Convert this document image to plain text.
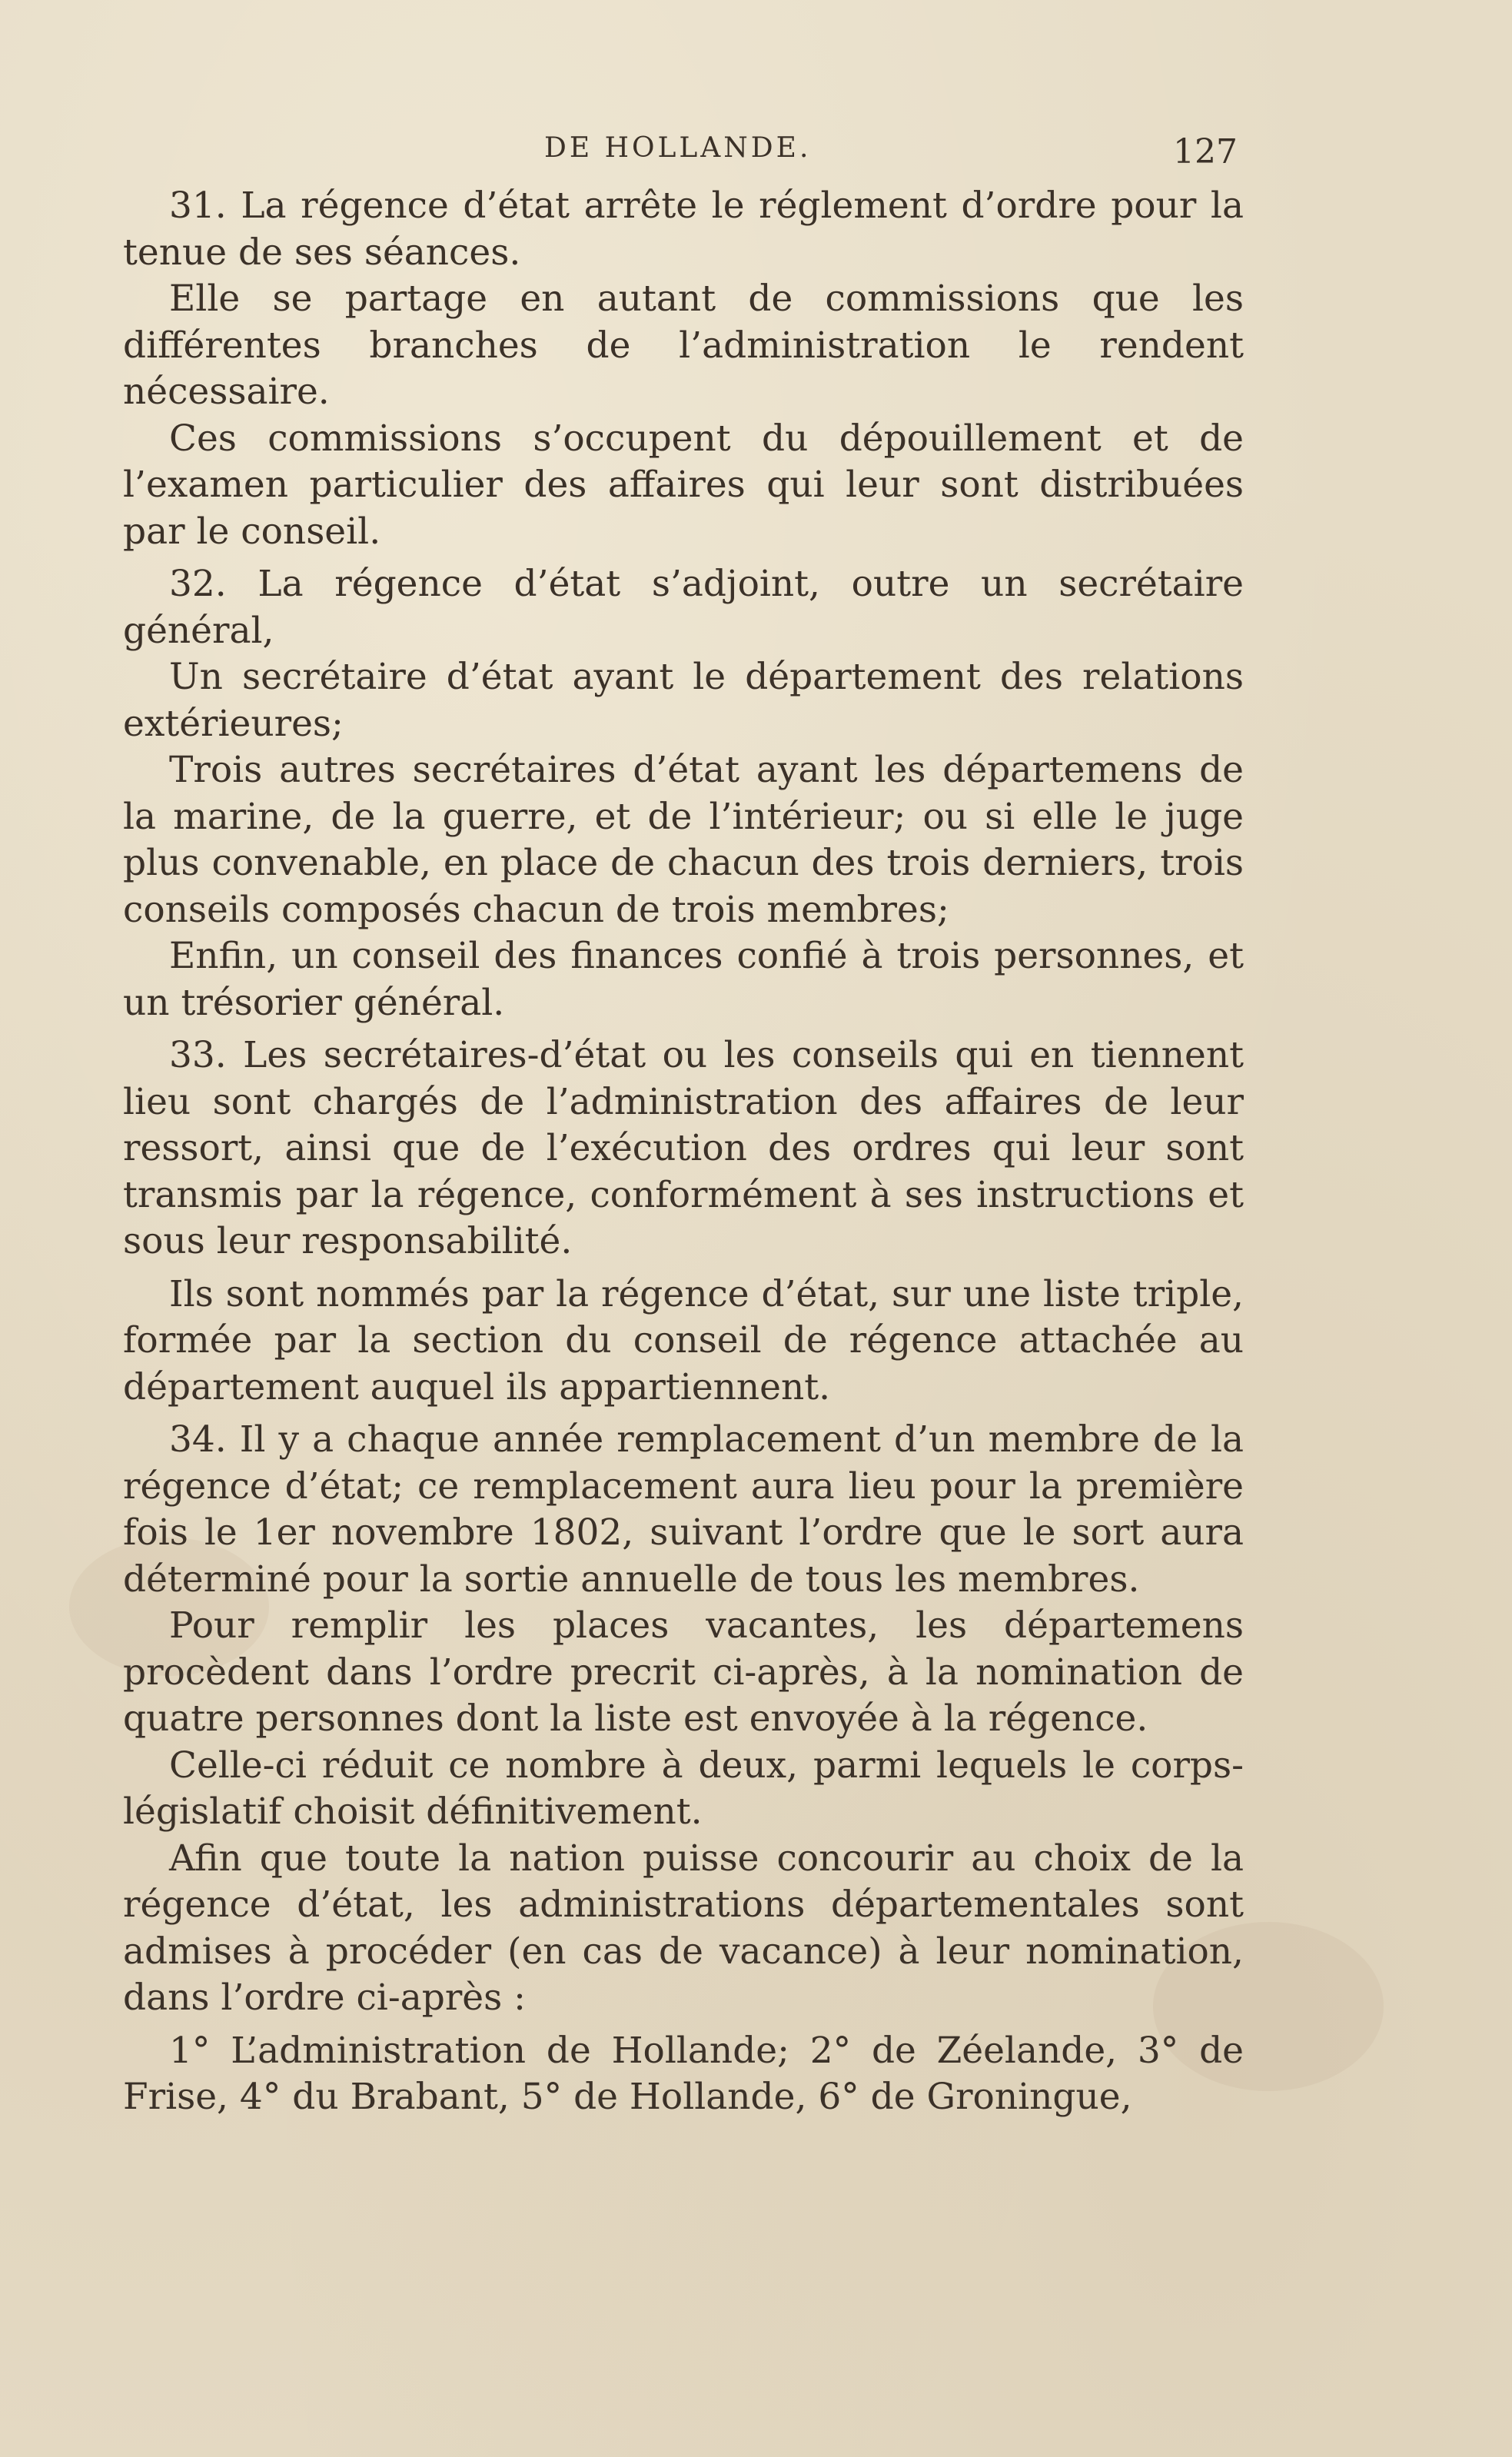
DE HOLLANDE.	127

31. La régence d’état arrête le réglement d’ordre pour la tenue de ses séances.

Elle se partage en autant de commissions que les différentes branches de l’administration le rendent nécessaire.

Ces commissions s’occupent du dépouillement et de l’examen particulier des affaires qui leur sont distribuées par le conseil.

32. La régence d’état s’adjoint, outre un secrétaire général,

Un secrétaire d’état ayant le département des relations extérieures;

Trois autres secrétaires d’état ayant les départemens de la marine, de la guerre, et de l’intérieur; ou si elle le juge plus convenable, en place de chacun des trois derniers, trois conseils composés chacun de trois membres;

Enfin, un conseil des finances confié à trois personnes, et un trésorier général.

33. Les secrétaires-d’état ou les conseils qui en tiennent lieu sont chargés de l’administration des affaires de leur ressort, ainsi que de l’exécution des ordres qui leur sont transmis par la régence, conformément à ses instructions et sous leur responsabilité.

Ils sont nommés par la régence d’état, sur une liste triple, formée par la section du conseil de régence attachée au département auquel ils appartiennent.

34. Il y a chaque année remplacement d’un membre de la régence d’état; ce remplacement aura lieu pour la première fois le 1er novembre 1802, suivant l’ordre que le sort aura déterminé pour la sortie annuelle de tous les membres.

Pour remplir les places vacantes, les départemens procèdent dans l’ordre precrit ci-après, à la nomination de quatre personnes dont la liste est envoyée à la régence.

Celle-ci réduit ce nombre à deux, parmi lequels le corps-législatif choisit définitivement.

Afin que toute la nation puisse concourir au choix de la régence d’état, les administrations départementales sont admises à procéder (en cas de vacance) à leur nomination, dans l’ordre ci-après :

1° L’administration de Hollande; 2° de Zéelande, 3° de Frise, 4° du Brabant, 5° de Hollande, 6° de Groningue,
